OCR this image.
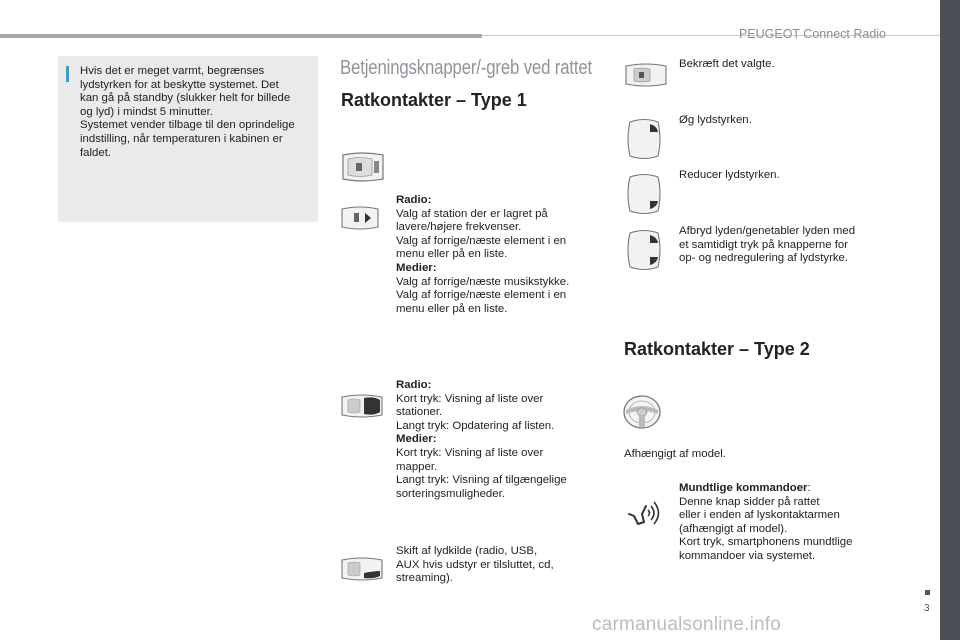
PEUGEOT Connect Radio
Hvis det er meget varmt, begrænses
lydstyrken for at beskytte systemet. Det
kan gå på standby (slukker helt for billede
og lyd) i mindst 5 minutter.
Systemet vender tilbage til den oprindelige
indstilling, når temperaturen i kabinen er
faldet.
Betjeningsknapper/-greb ved rattet
Ratkontakter – Type 1
Radio:
Valg af station der er lagret på
lavere/højere frekvenser.
Valg af forrige/næste element i en
menu eller på en liste.
Medier:
Valg af forrige/næste musikstykke.
Valg af forrige/næste element i en
menu eller på en liste.
Radio:
Kort tryk: Visning af liste over
stationer.
Langt tryk: Opdatering af listen.
Medier:
Kort tryk: Visning af liste over
mapper.
Langt tryk: Visning af tilgængelige
sorteringsmuligheder.
Skift af lydkilde (radio, USB,
AUX hvis udstyr er tilsluttet, cd,
streaming).
Bekræft det valgte.
Øg lydstyrken.
Reducer lydstyrken.
Afbryd lyden/genetabler lyden med
et samtidigt tryk på knapperne for
op- og nedregulering af lydstyrke.
Ratkontakter – Type 2
Afhængigt af model.
Mundtlige kommandoer:
Denne knap sidder på rattet
eller i enden af lyskontaktarmen
(afhængigt af model).
Kort tryk, smartphonens mundtlige
kommandoer via systemet.
3
carmanualsonline.info
